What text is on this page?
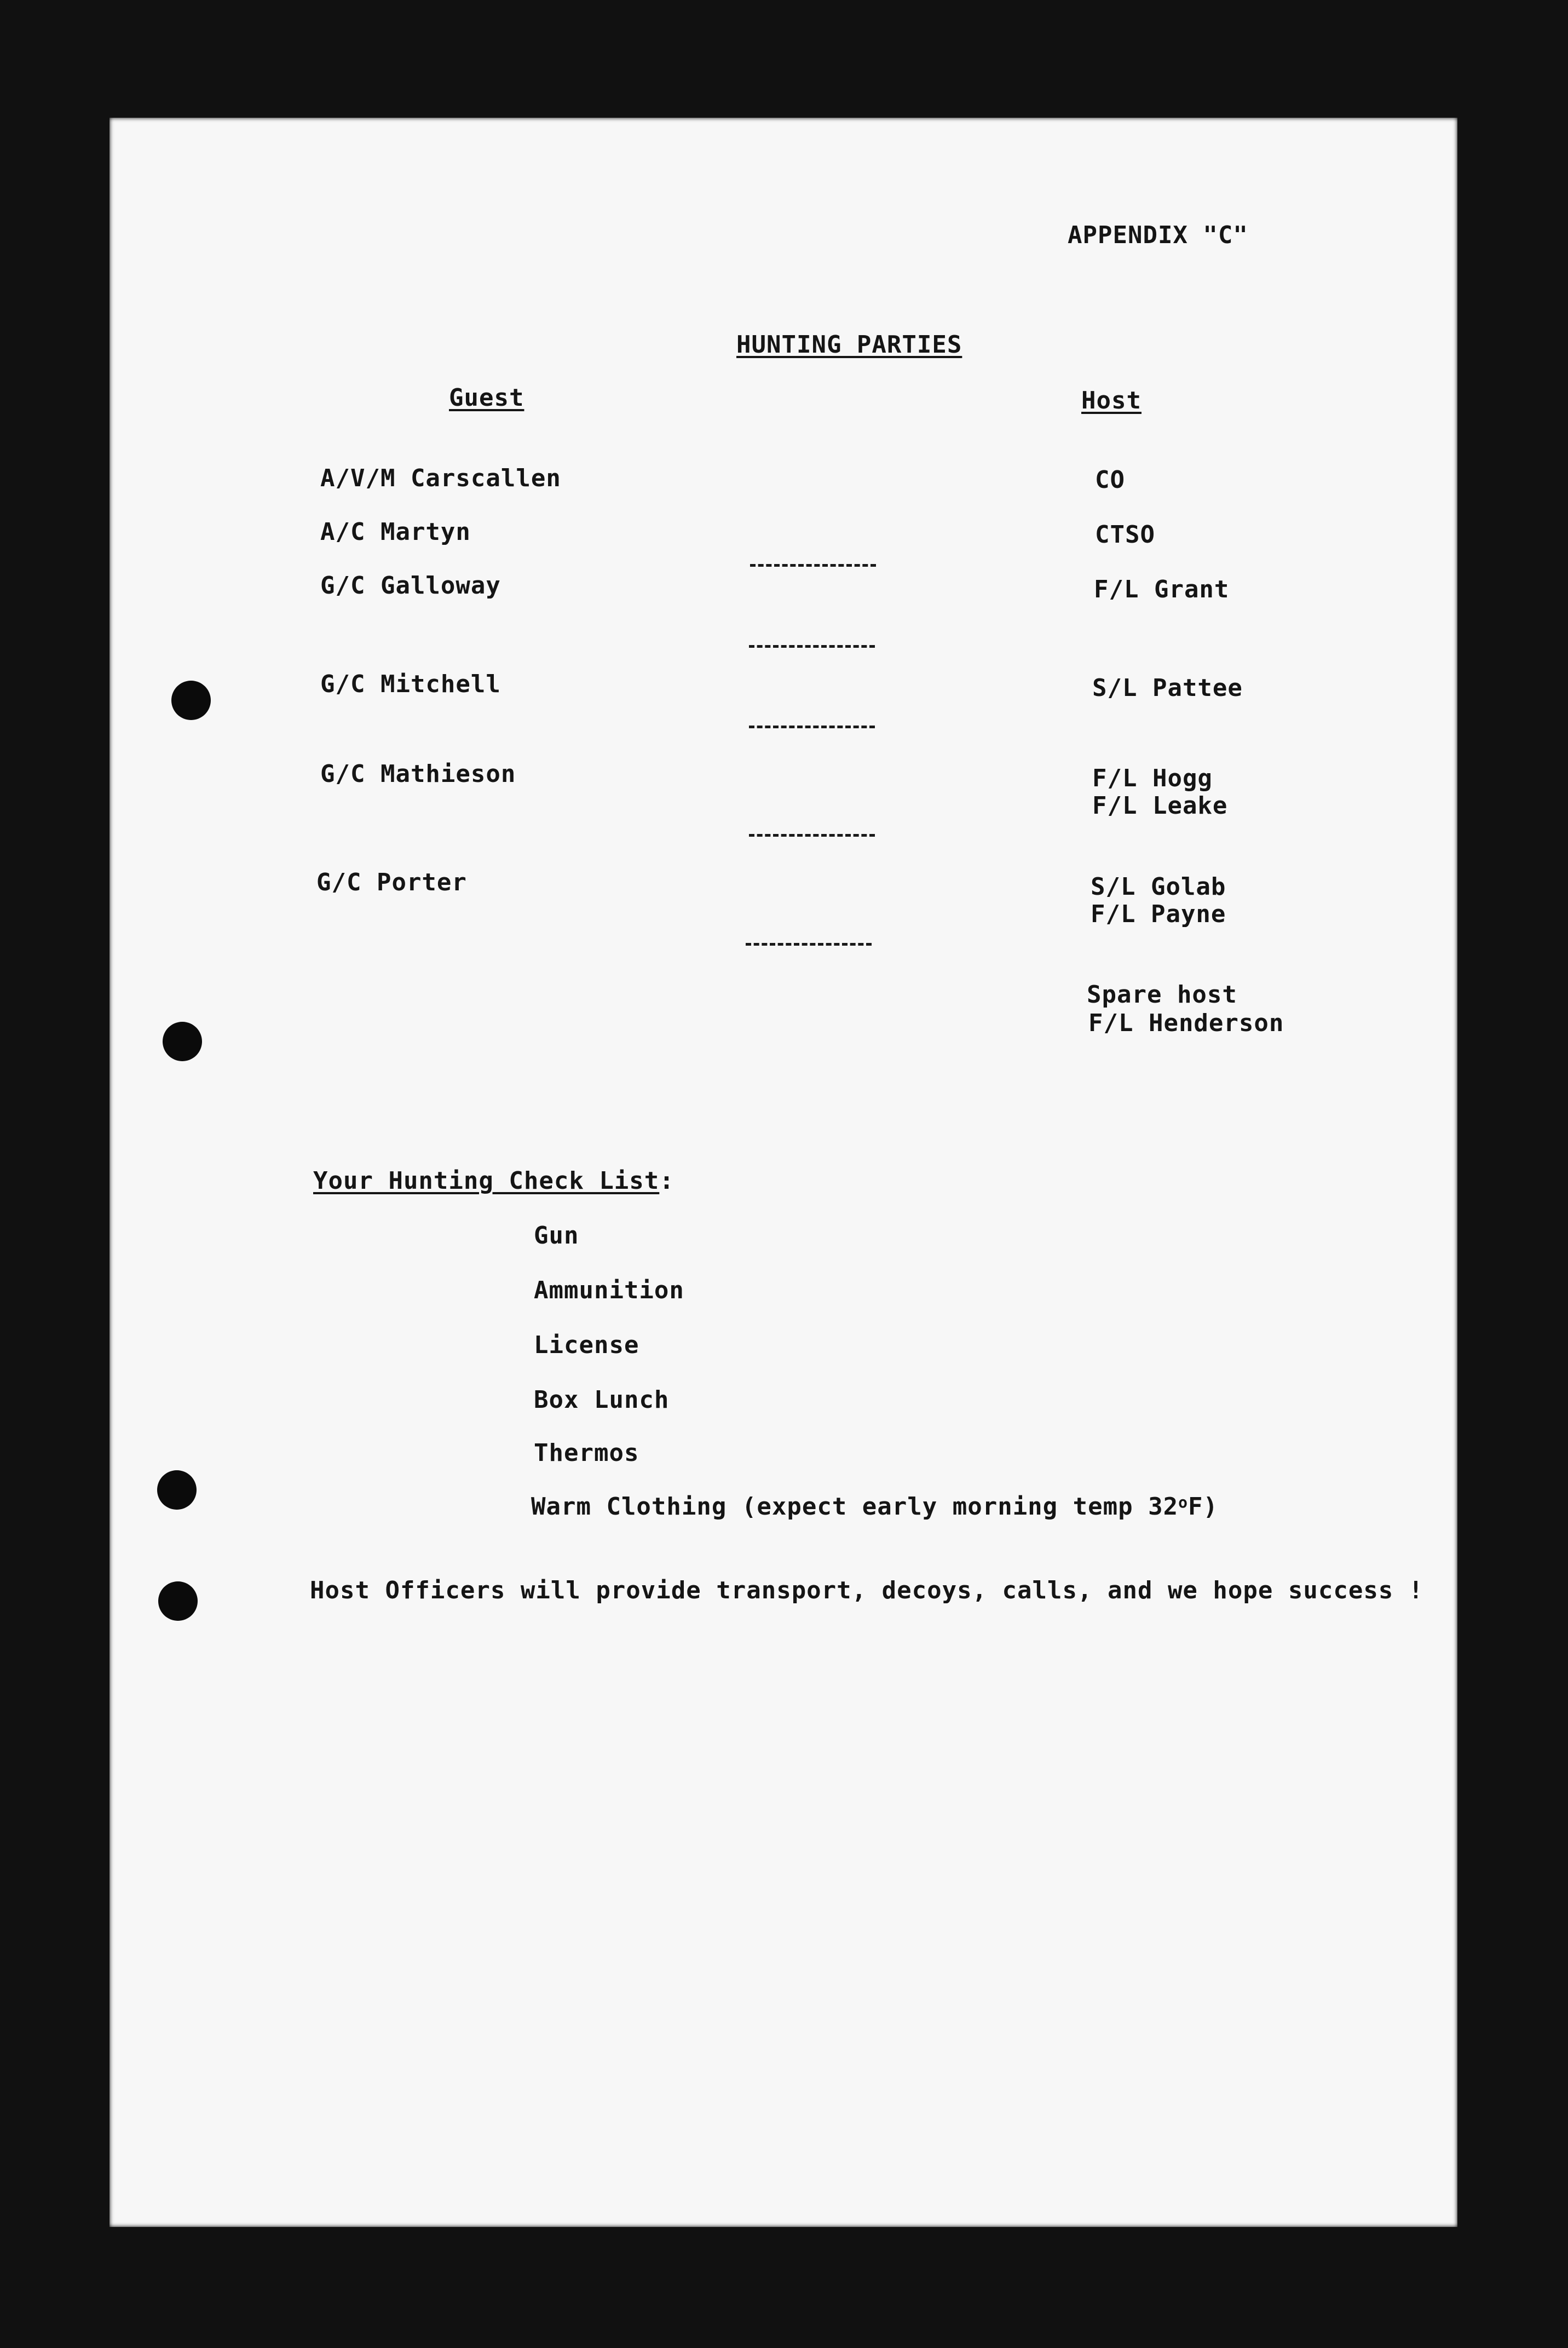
APPENDIX "C"
HUNTING PARTIES
Guest	Host
A/V/M Carscallen
A/C Martyn
G/C Galloway
G/C Mitchell
G/C Mathieson
G/C Porter
CO
CTSO
F/L Grant
S/L Pattee
F/L Hogg
F/L Leake
S/L Golab
F/L Payne
Spare host
F/L Henderson
Your Hunting Check List:
Gun
Ammunition
License
Box Lunch
Thermos
Warm Clothing (expect early morning temp 32$^o$F)
Host Officers will provide transport, decoys, calls, and we hope success !
